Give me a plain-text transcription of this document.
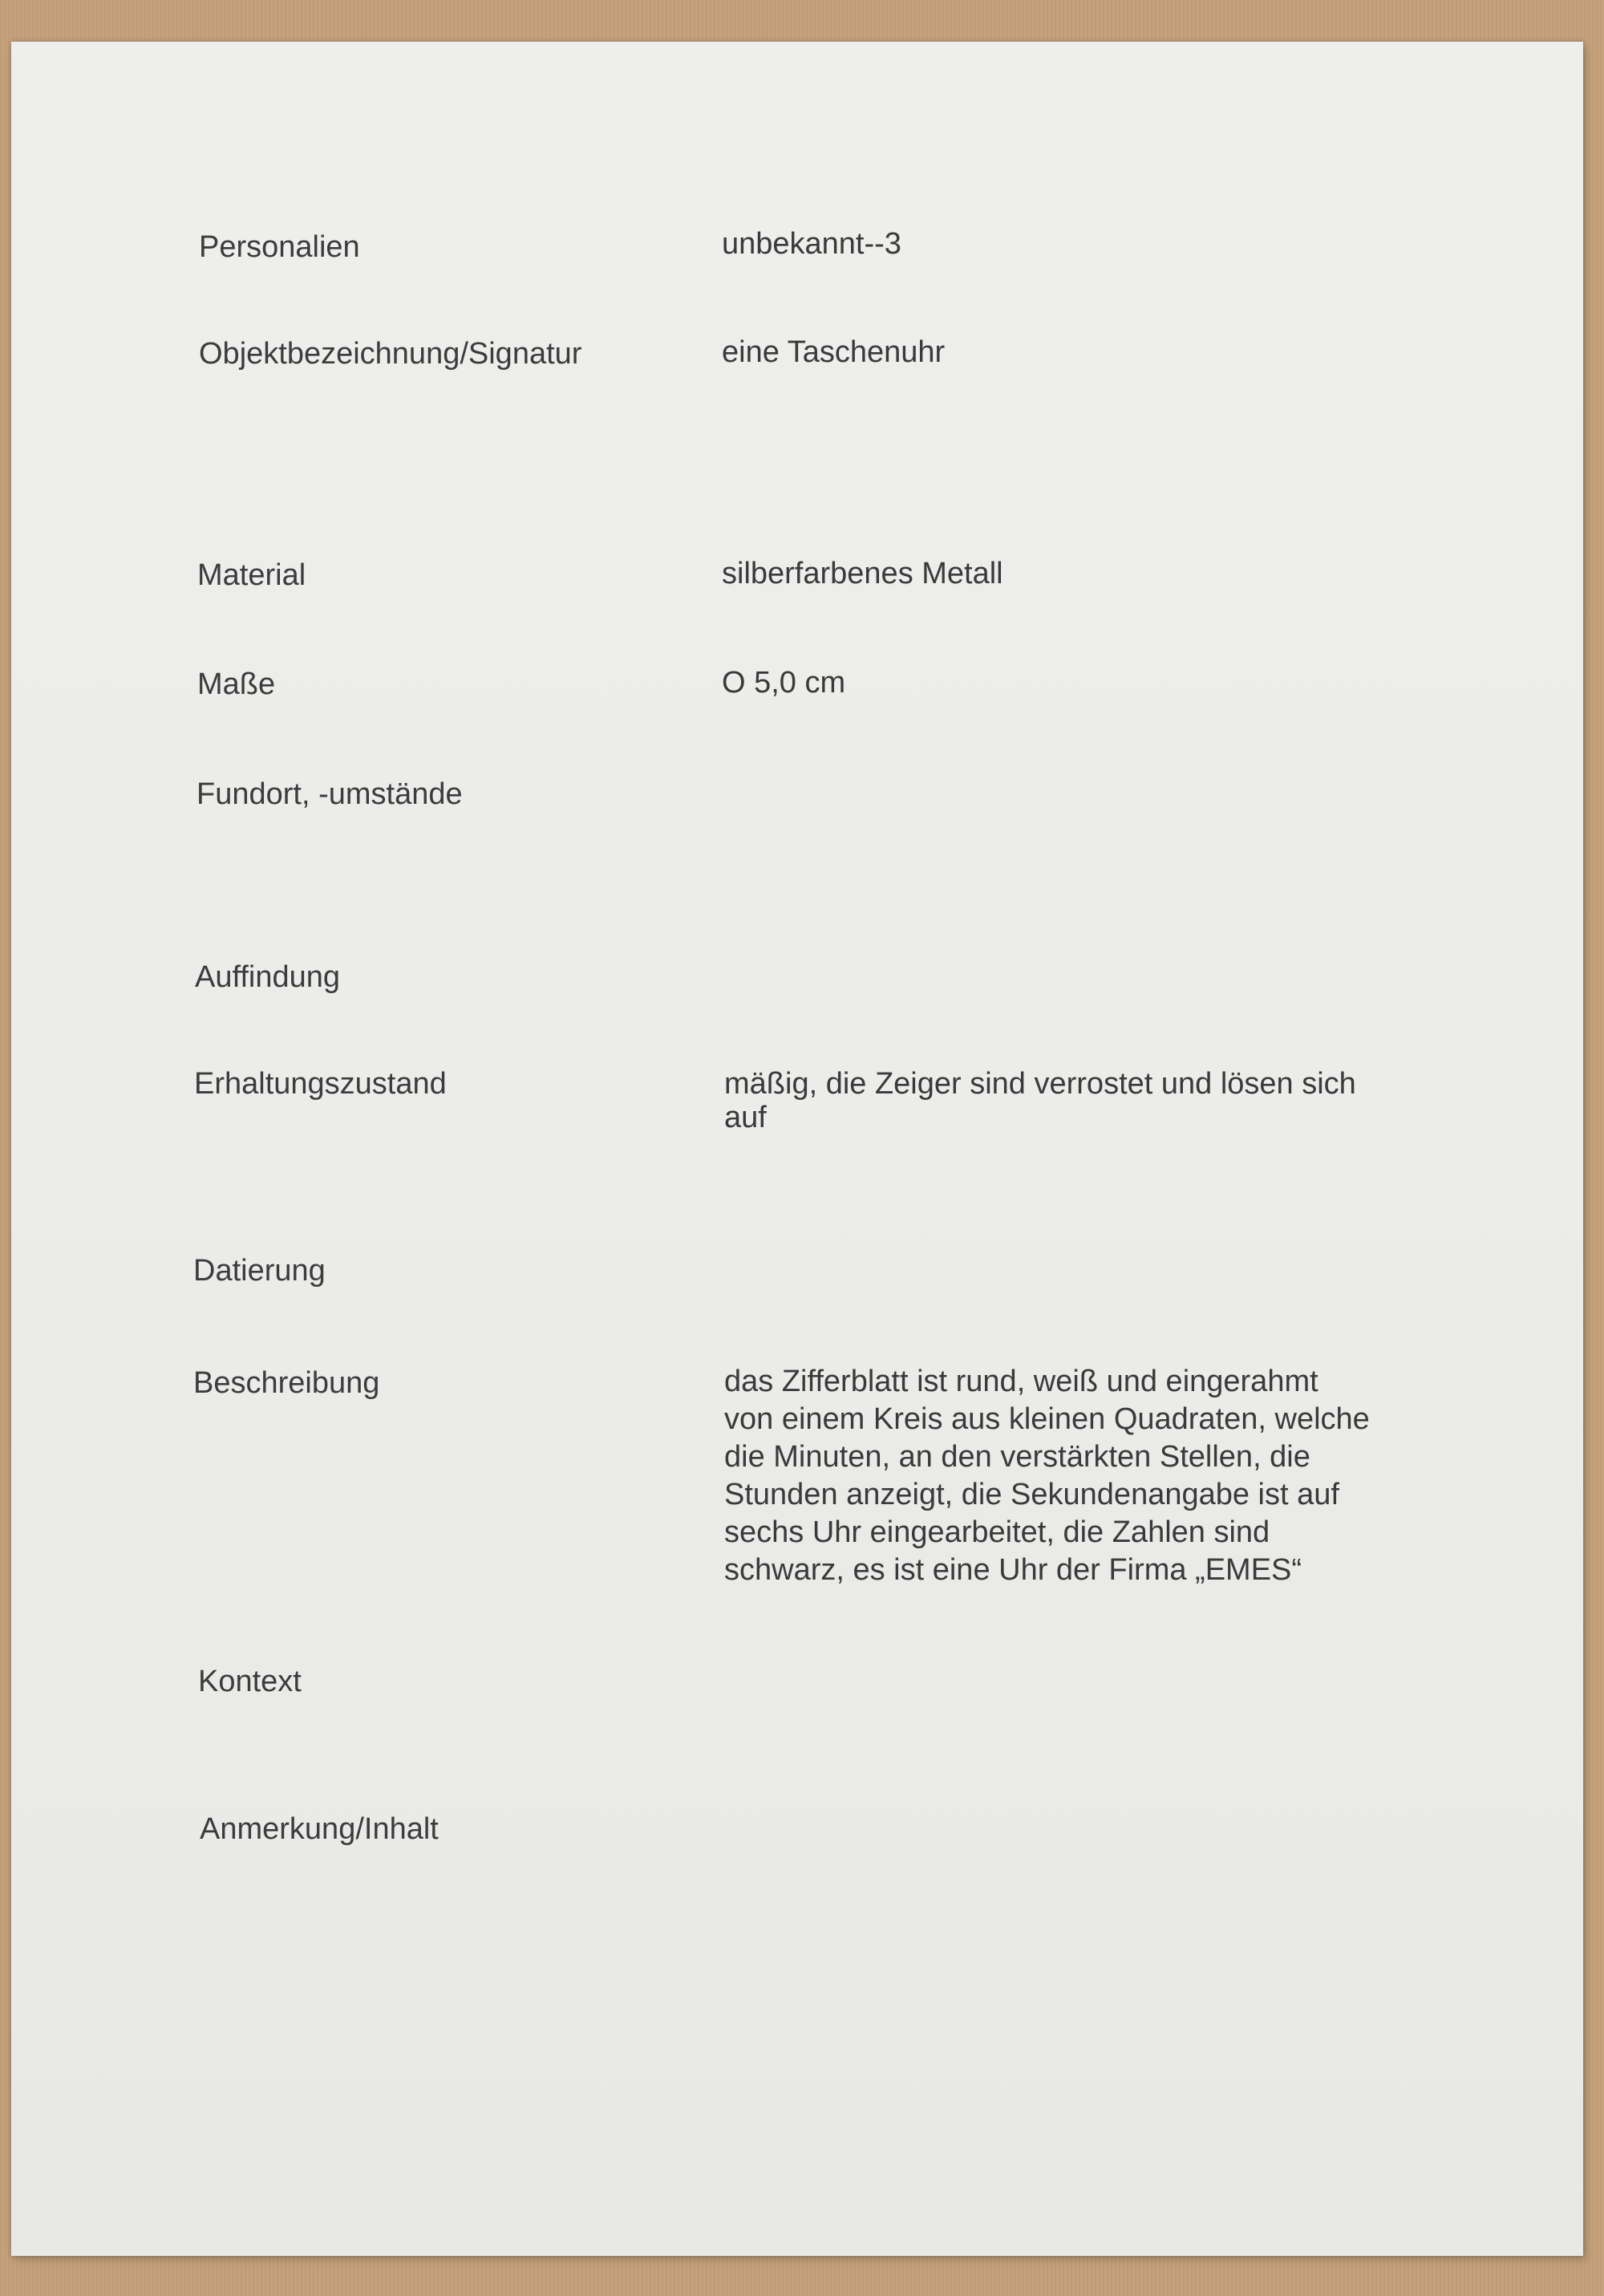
Personalien	unbekannt--3
Objektbezeichnung/Signatur	eine Taschenuhr
Material	silberfarbenes Metall
Maße	O 5,0 cm
Fundort, -umstände
Auffindung
Erhaltungszustand	mäßig, die Zeiger sind verrostet und lösen sich
auf
Datierung
Beschreibung	das Zifferblatt ist rund, weiß und eingerahmt
von einem Kreis aus kleinen Quadraten, welche
die Minuten, an den verstärkten Stellen, die
Stunden anzeigt, die Sekundenangabe ist auf
sechs Uhr eingearbeitet, die Zahlen sind
schwarz, es ist eine Uhr der Firma „EMES“
Kontext
Anmerkung/Inhalt
